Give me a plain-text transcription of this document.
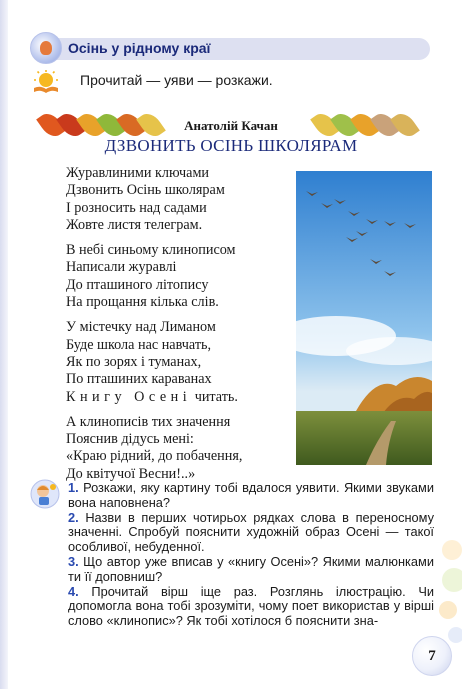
Осінь у рідному краї
Прочитай — уяви — розкажи.
Анатолій Качан
ДЗВОНИТЬ ОСІНЬ ШКОЛЯРАМ
Журавлиними ключами
Дзвонить Осінь школярам
І розносить над садами
Жовте листя телеграм.
В небі синьому клинописом
Написали журавлі
До пташиного літопису
На прощання кілька слів.
У містечку над Лиманом
Буде школа нас навчать,
Як по зорях і туманах,
По пташиних караванах
Книгу Осені читать.
А клинописів тих значення
Пояснив дідусь мені:
«Краю рідний, до побачення,
До квітучої Весни!..»

1. Розкажи, яку картину тобі вдалося уявити. Якими звуками вона наповнена?

2. Назви в перших чотирьох рядках слова в переносному значенні. Спробуй пояснити художній образ Осені — такої особливої, небуденної.

3. Що автор уже вписав у «книгу Осені»? Якими малюнками ти її доповниш?

4. Прочитай вірш іще раз. Розглянь ілюстрацію. Чи допомогла вона тобі зрозуміти, чому поет використав у вірші слово «клинопис»? Як тобі хотілося б пояснити зна-

7
